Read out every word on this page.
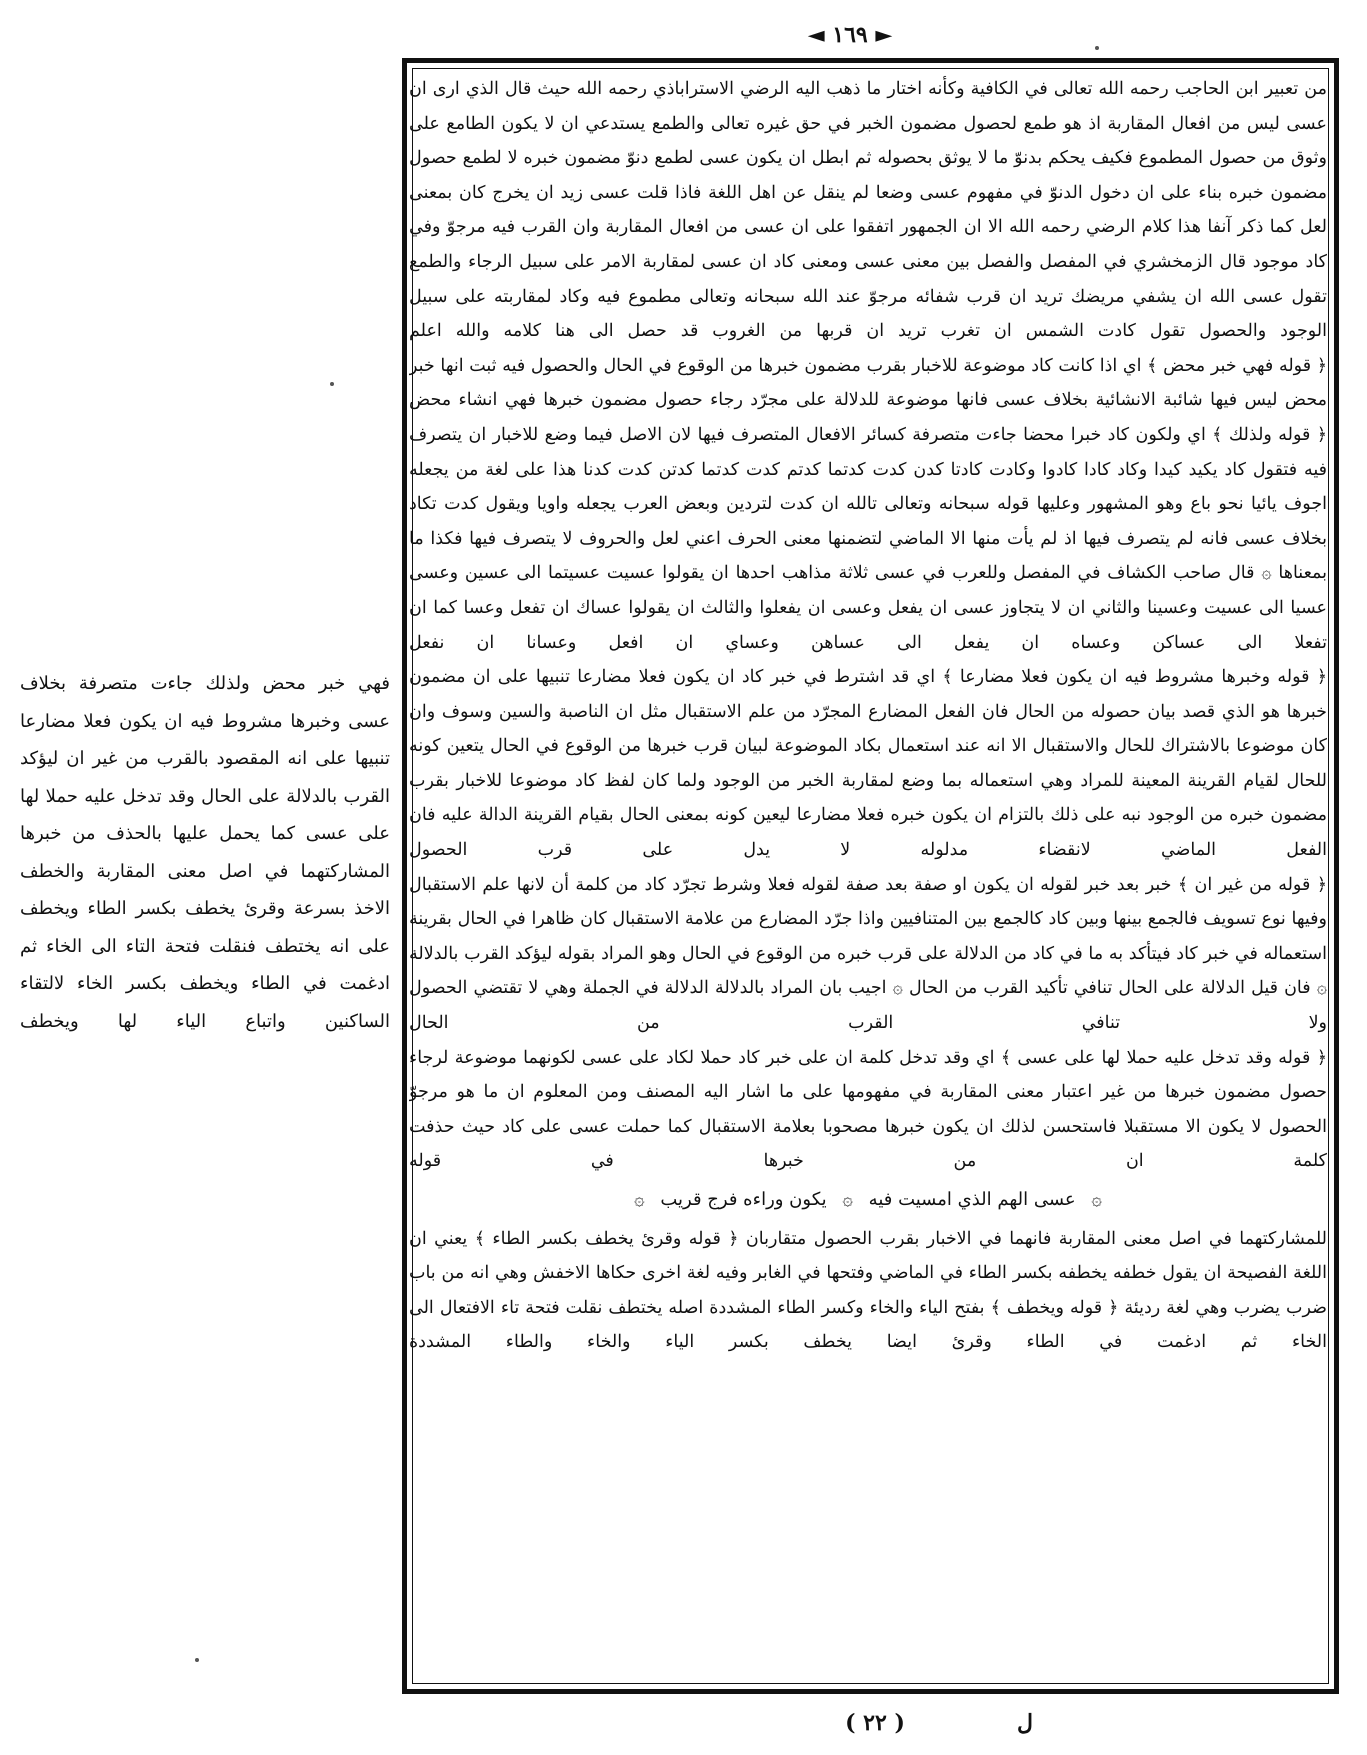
◄ ١٦٩ ►

من تعبير ابن الحاجب رحمه الله تعالى في الكافية وكأنه اختار ما ذهب اليه الرضي الاستراباذي رحمه الله حيث قال الذي ارى ان عسى ليس من افعال المقاربة اذ هو طمع لحصول مضمون الخبر في حق غيره تعالى والطمع يستدعي ان لا يكون الطامع على وثوق من حصول المطموع فكيف يحكم بدنوّ ما لا يوثق بحصوله ثم ابطل ان يكون عسى لطمع دنوّ مضمون خبره لا لطمع حصول مضمون خبره بناء على ان دخول الدنوّ في مفهوم عسى وضعا لم ينقل عن اهل اللغة فاذا قلت عسى زيد ان يخرج كان بمعنى لعل كما ذكر آنفا هذا كلام الرضي رحمه الله الا ان الجمهور اتفقوا على ان عسى من افعال المقاربة وان القرب فيه مرجوّ وفي كاد موجود قال الزمخشري في المفصل والفصل بين معنى عسى ومعنى كاد ان عسى لمقاربة الامر على سبيل الرجاء والطمع تقول عسى الله ان يشفي مريضك تريد ان قرب شفائه مرجوّ عند الله سبحانه وتعالى مطموع فيه وكاد لمقاربته على سبيل الوجود والحصول تقول كادت الشمس ان تغرب تريد ان قربها من الغروب قد حصل الى هنا كلامه والله اعلم

﴿ قوله فهي خبر محض ﴾ اي اذا كانت كاد موضوعة للاخبار بقرب مضمون خبرها من الوقوع في الحال والحصول فيه ثبت انها خبر محض ليس فيها شائبة الانشائية بخلاف عسى فانها موضوعة للدلالة على مجرّد رجاء حصول مضمون خبرها فهي انشاء محض

﴿ قوله ولذلك ﴾ اي ولكون كاد خبرا محضا جاءت متصرفة كسائر الافعال المتصرف فيها لان الاصل فيما وضع للاخبار ان يتصرف فيه فتقول كاد يكيد كيدا وكاد كادا كادوا وكادت كادتا كدن كدت كدتما كدتم كدت كدتما كدتن كدت كدنا هذا على لغة من يجعله اجوف يائيا نحو باع وهو المشهور وعليها قوله سبحانه وتعالى تالله ان كدت لتردين وبعض العرب يجعله واويا ويقول كدت تكاد بخلاف عسى فانه لم يتصرف فيها اذ لم يأت منها الا الماضي لتضمنها معنى الحرف اعني لعل والحروف لا يتصرف فيها فكذا ما بمعناها ۞ قال صاحب الكشاف في المفصل وللعرب في عسى ثلاثة مذاهب احدها ان يقولوا عسيت عسيتما الى عسين وعسى عسيا الى عسيت وعسينا والثاني ان لا يتجاوز عسى ان يفعل وعسى ان يفعلوا والثالث ان يقولوا عساك ان تفعل وعسا كما ان تفعلا الى عساكن وعساه ان يفعل الى عساهن وعساي ان افعل وعسانا ان نفعل

﴿ قوله وخبرها مشروط فيه ان يكون فعلا مضارعا ﴾ اي قد اشترط في خبر كاد ان يكون فعلا مضارعا تنبيها على ان مضمون خبرها هو الذي قصد بيان حصوله من الحال فان الفعل المضارع المجرّد من علم الاستقبال مثل ان الناصبة والسين وسوف وان كان موضوعا بالاشتراك للحال والاستقبال الا انه عند استعمال بكاد الموضوعة لبيان قرب خبرها من الوقوع في الحال يتعين كونه للحال لقيام القرينة المعينة للمراد وهي استعماله بما وضع لمقاربة الخبر من الوجود ولما كان لفظ كاد موضوعا للاخبار بقرب مضمون خبره من الوجود نبه على ذلك بالتزام ان يكون خبره فعلا مضارعا ليعين كونه بمعنى الحال بقيام القرينة الدالة عليه فان الفعل الماضي لانقضاء مدلوله لا يدل على قرب الحصول

﴿ قوله من غير ان ﴾ خبر بعد خبر لقوله ان يكون او صفة بعد صفة لقوله فعلا وشرط تجرّد كاد من كلمة أن لانها علم الاستقبال وفيها نوع تسويف فالجمع بينها وبين كاد كالجمع بين المتنافيين واذا جرّد المضارع من علامة الاستقبال كان ظاهرا في الحال بقرينة استعماله في خبر كاد فيتأكد به ما في كاد من الدلالة على قرب خبره من الوقوع في الحال وهو المراد بقوله ليؤكد القرب بالدلالة ۞ فان قيل الدلالة على الحال تنافي تأكيد القرب من الحال ۞ اجيب بان المراد بالدلالة الدلالة في الجملة وهي لا تقتضي الحصول ولا تنافي القرب من الحال

﴿ قوله وقد تدخل عليه حملا لها على عسى ﴾ اي وقد تدخل كلمة ان على خبر كاد حملا لكاد على عسى لكونهما موضوعة لرجاء حصول مضمون خبرها من غير اعتبار معنى المقاربة في مفهومها على ما اشار اليه المصنف ومن المعلوم ان ما هو مرجوّ الحصول لا يكون الا مستقبلا فاستحسن لذلك ان يكون خبرها مصحوبا بعلامة الاستقبال كما حملت عسى على كاد حيث حذفت كلمة ان من خبرها في قوله

۞ عسى الهم الذي امسيت فيه ۞ يكون وراءه فرج قريب ۞

للمشاركتهما في اصل معنى المقاربة فانهما في الاخبار بقرب الحصول متقاربان ﴿ قوله وقرئ يخطف بكسر الطاء ﴾ يعني ان اللغة الفصيحة ان يقول خطفه يخطفه بكسر الطاء في الماضي وفتحها في الغابر وفيه لغة اخرى حكاها الاخفش وهي انه من باب ضرب يضرب وهي لغة رديئة ﴿ قوله ويخطف ﴾ بفتح الياء والخاء وكسر الطاء المشددة اصله يختطف نقلت فتحة تاء الافتعال الى الخاء ثم ادغمت في الطاء وقرئ ايضا يخطف بكسر الياء والخاء والطاء المشددة

فهي خبر محض ولذلك جاءت متصرفة بخلاف عسى وخبرها مشروط فيه ان يكون فعلا مضارعا تنبيها على انه المقصود بالقرب من غير ان ليؤكد القرب بالدلالة على الحال وقد تدخل عليه حملا لها على عسى كما يحمل عليها بالحذف من خبرها المشاركتهما في اصل معنى المقاربة والخطف الاخذ بسرعة وقرئ يخطف بكسر الطاء ويخطف على انه يختطف فنقلت فتحة التاء الى الخاء ثم ادغمت في الطاء ويخطف بكسر الخاء لالتقاء الساكنين واتباع الياء لها ويخطف

( ٢٢ )	ل
